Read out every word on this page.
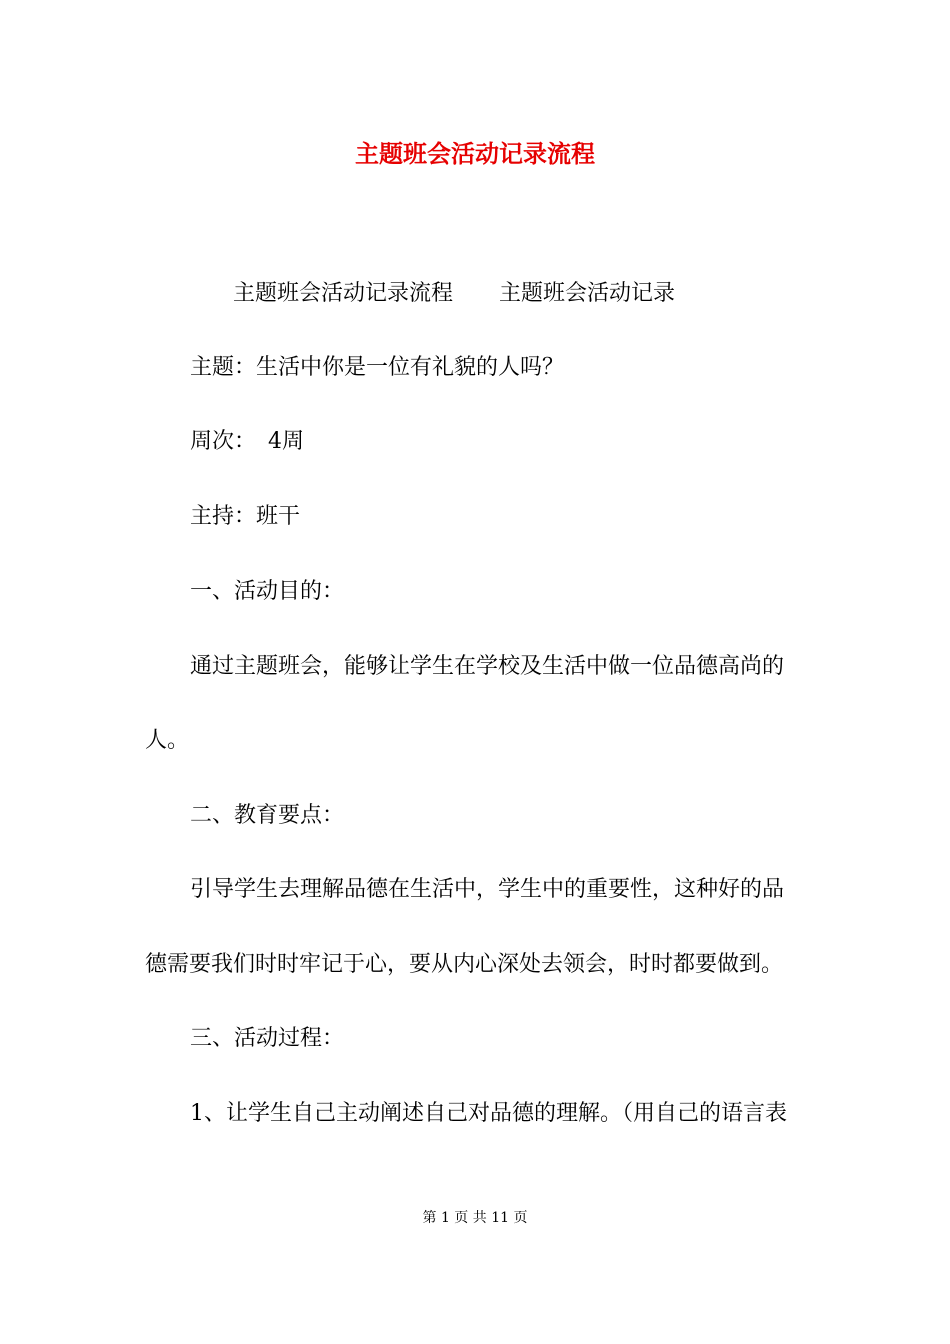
主题班会活动记录流程
主题班会活动记录流程 主题班会活动记录
主题：生活中你是一位有礼貌的人吗？
周次： 4周
主持：班干
一、活动目的：
通过主题班会，能够让学生在学校及生活中做一位品德高尚的
人。
二、教育要点：
引导学生去理解品德在生活中，学生中的重要性，这种好的品
德需要我们时时牢记于心，要从内心深处去领会，时时都要做到。
三、活动过程：
1、让学生自己主动阐述自己对品德的理解。（用自己的语言表
第 1 页 共 11 页
